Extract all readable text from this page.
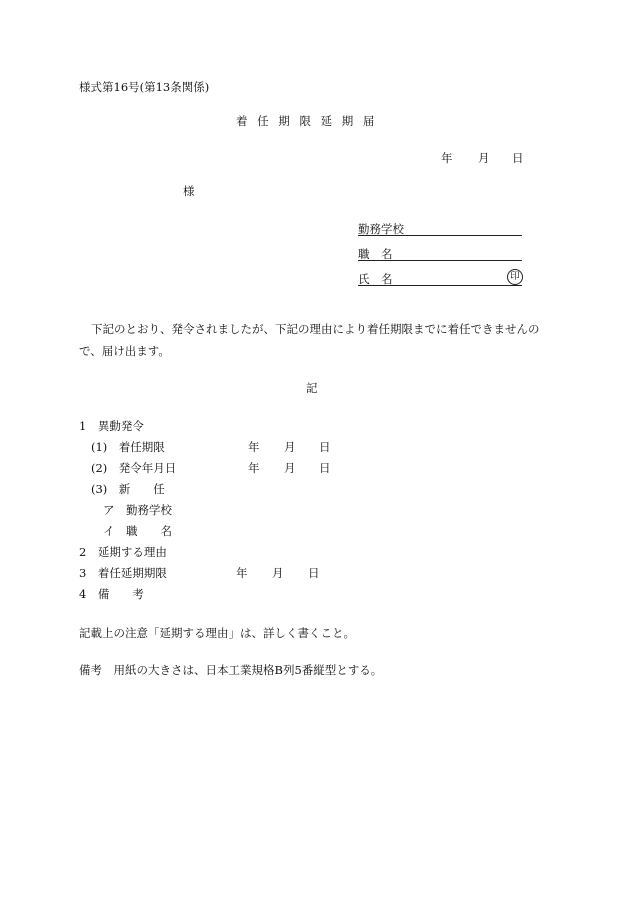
様式第16号(第13条関係)
着 任 期 限 延 期 届
年 月 日
様
勤務学校
職　名
氏　名	印
下記のとおり、発令されましたが、下記の理由により着任期限までに着任できませんの
で、届け出ます。
記
1　異動発令
(1)　着任期限	年 月 日
(2)　発令年月日	年 月 日
(3)　新　　任
ア　勤務学校
イ　職　　名
2　延期する理由
3　着任延期期限	年 月 日
4　備　　考
記載上の注意「延期する理由」は、詳しく書くこと。
備考　用紙の大きさは、日本工業規格B列5番縦型とする。
